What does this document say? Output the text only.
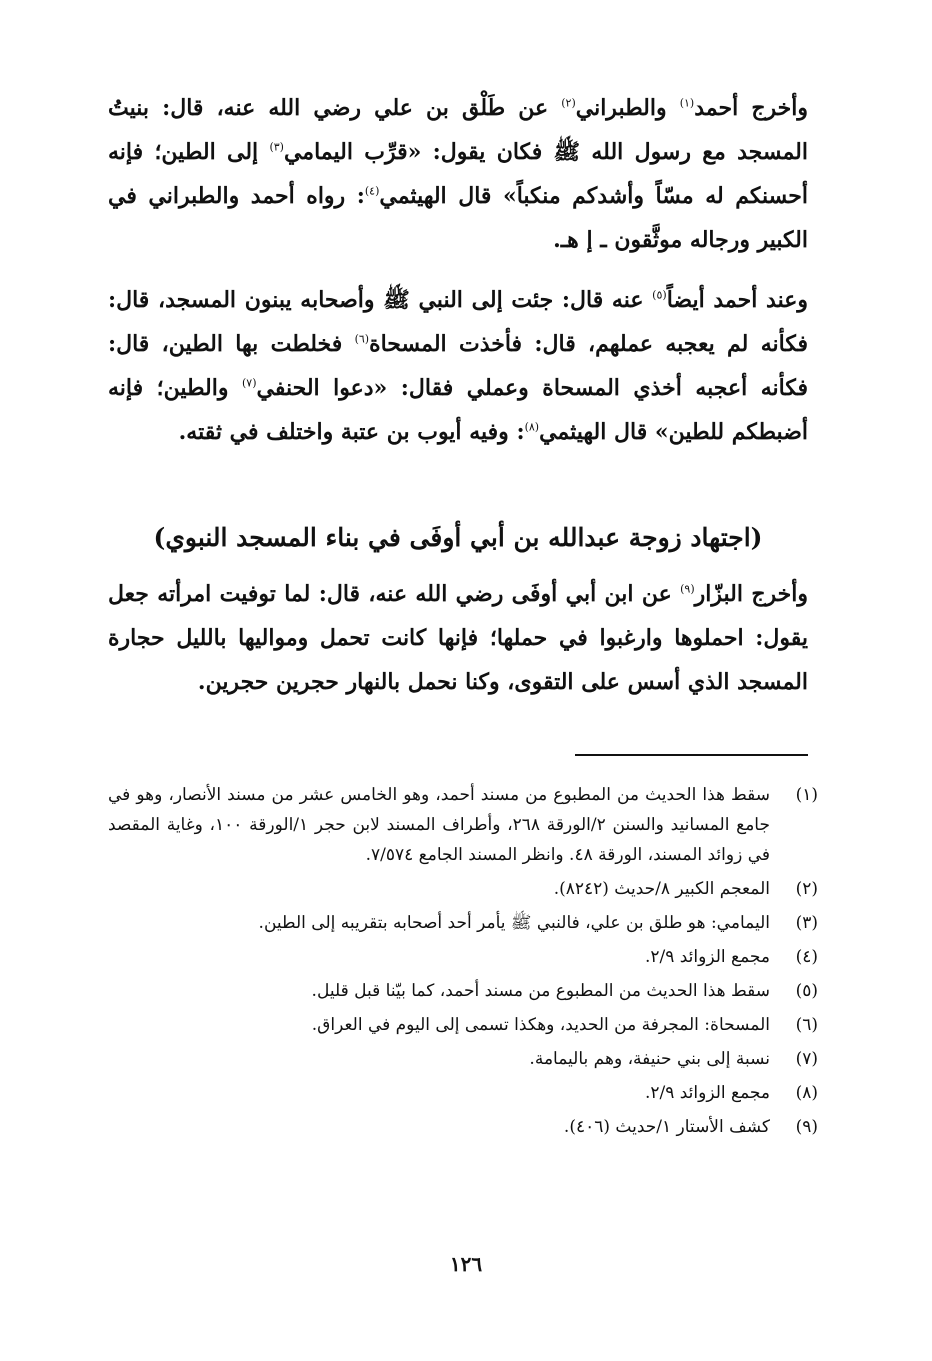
وأخرج أحمد$^{(١)}$ والطبراني$^{(٢)}$ عن طَلْق بن علي رضي الله عنه، قال: بنيتُ المسجد مع رسول الله ﷺ فكان يقول: «قرِّب اليمامي$^{(٣)}$ إلى الطين؛ فإنه أحسنكم له مسّاً وأشدكم منكباً» قال الهيثمي$^{(٤)}$: رواه أحمد والطبراني في الكبير ورجاله موثَّقون ـ إ هـ.

وعند أحمد أيضاً$^{(٥)}$ عنه قال: جئت إلى النبي ﷺ وأصحابه يبنون المسجد، قال: فكأنه لم يعجبه عملهم، قال: فأخذت المسحاة$^{(٦)}$ فخلطت بها الطين، قال: فكأنه أعجبه أخذي المسحاة وعملي فقال: «دعوا الحنفي$^{(٧)}$ والطين؛ فإنه أضبطكم للطين» قال الهيثمي$^{(٨)}$: وفيه أيوب بن عتبة واختلف في ثقته.

(اجتهاد زوجة عبدالله بن أبي أوفَى في بناء المسجد النبوي)

وأخرج البزّار$^{(٩)}$ عن ابن أبي أوفَى رضي الله عنه، قال: لما توفيت امرأته جعل يقول: احملوها وارغبوا في حملها؛ فإنها كانت تحمل ومواليها بالليل حجارة المسجد الذي أسس على التقوى، وكنا نحمل بالنهار حجرين حجرين.

(١)
سقط هذا الحديث من المطبوع من مسند أحمد، وهو الخامس عشر من مسند الأنصار، وهو في جامع المسانيد والسنن ٢/الورقة ٢٦٨، وأطراف المسند لابن حجر ١/الورقة ١٠٠، وغاية المقصد في زوائد المسند، الورقة ٤٨. وانظر المسند الجامع ٧/٥٧٤.
(٢)
المعجم الكبير ٨/حديث (٨٢٤٢).
(٣)
اليمامي: هو طلق بن علي، فالنبي ﷺ يأمر أحد أصحابه بتقريبه إلى الطين.
(٤)
مجمع الزوائد ٢/٩.
(٥)
سقط هذا الحديث من المطبوع من مسند أحمد، كما بيّنا قبل قليل.
(٦)
المسحاة: المجرفة من الحديد، وهكذا تسمى إلى اليوم في العراق.
(٧)
نسبة إلى بني حنيفة، وهم باليمامة.
(٨)
مجمع الزوائد ٢/٩.
(٩)
كشف الأستار ١/حديث (٤٠٦).
١٢٦
